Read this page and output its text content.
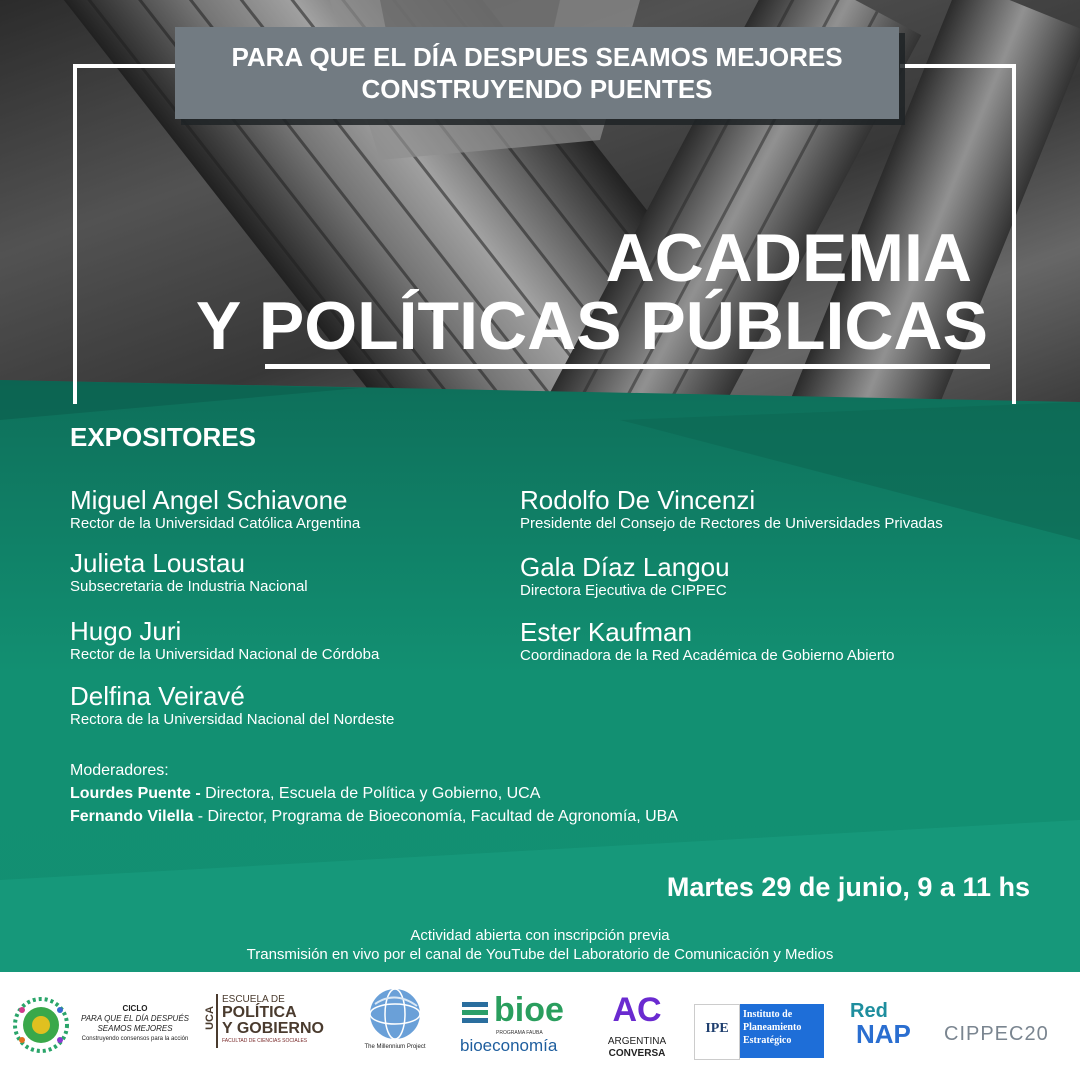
PARA QUE EL DÍA DESPUES SEAMOS MEJORES
CONSTRUYENDO PUENTES
ACADEMIA
Y POLÍTICAS PÚBLICAS
EXPOSITORES
Miguel Angel Schiavone
Rector de la Universidad Católica Argentina
Julieta Loustau
Subsecretaria de Industria Nacional
Hugo Juri
Rector de la Universidad Nacional de Córdoba
Delfina Veiravé
Rectora de la Universidad Nacional del Nordeste
Rodolfo De Vincenzi
Presidente del Consejo de Rectores de Universidades Privadas
Gala Díaz Langou
Directora Ejecutiva de CIPPEC
Ester Kaufman
Coordinadora de la Red Académica de Gobierno Abierto
Moderadores:
Lourdes Puente - Directora, Escuela de Política y Gobierno, UCA
Fernando Vilella - Director, Programa de Bioeconomía, Facultad de Agronomía, UBA
Martes 29 de junio, 9 a 11 hs
Actividad abierta con inscripción previa
Transmisión en vivo por el canal de YouTube del Laboratorio de Comunicación y Medios
CICLO
PARA QUE EL DÍA DESPUÉS
SEAMOS MEJORES
Construyendo consensos para la acción
UCA
ESCUELA DE
POLÍTICA
Y GOBIERNO
FACULTAD DE CIENCIAS SOCIALES
The Millennium Project
bioe
PROGRAMA FAUBA
bioeconomía
AC
ARGENTINA
CONVERSA
IPE
Instituto de
Planeamiento
Estratégico
Red
NAP CIPPEC20
